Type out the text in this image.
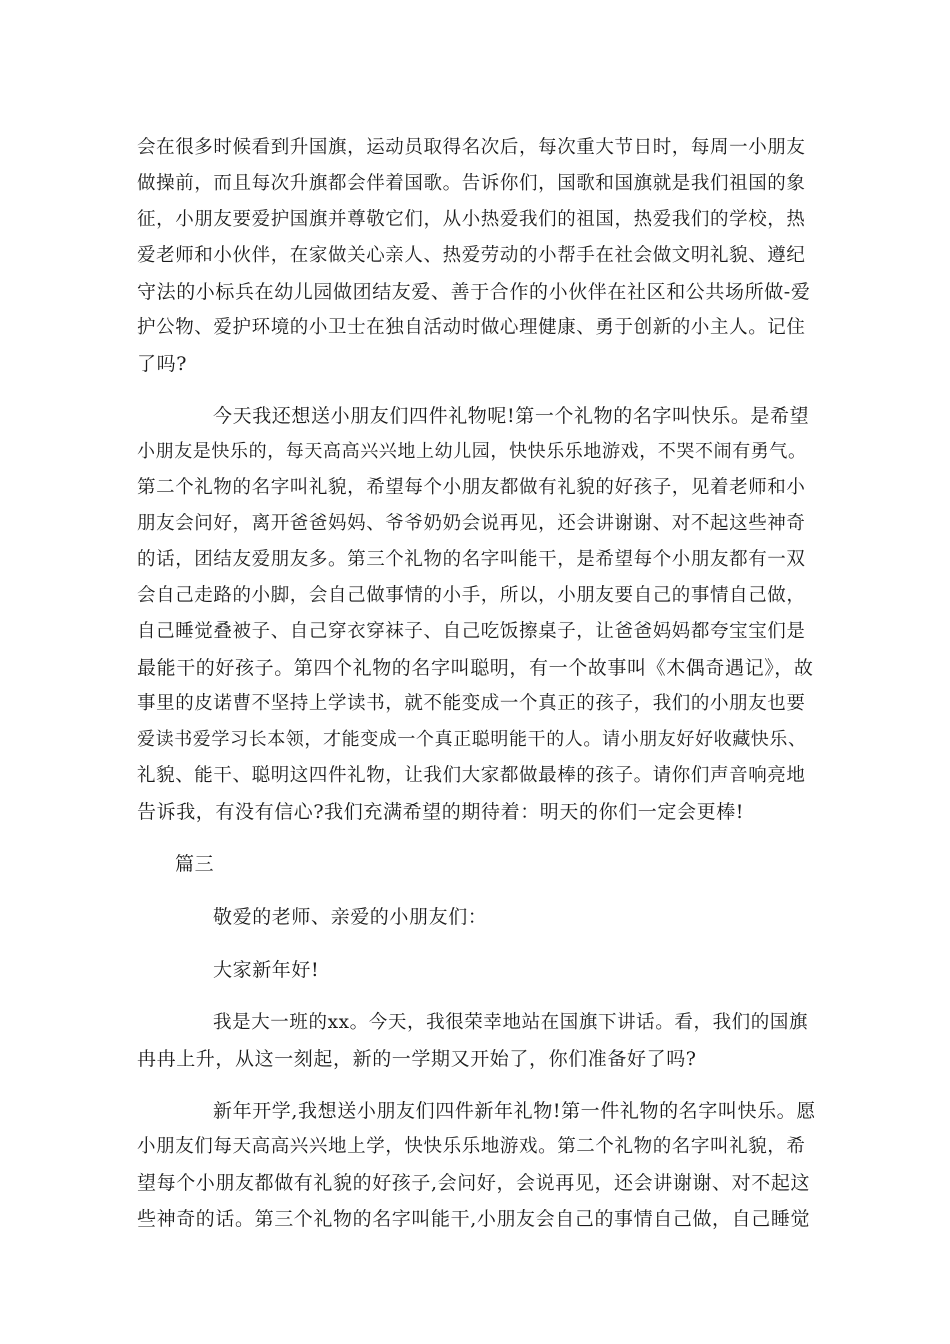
会在很多时候看到升国旗，运动员取得名次后，每次重大节日时，每周一小朋友
做操前，而且每次升旗都会伴着国歌。告诉你们，国歌和国旗就是我们祖国的象
征，小朋友要爱护国旗并尊敬它们，从小热爱我们的祖国，热爱我们的学校，热
爱老师和小伙伴，在家做关心亲人、热爱劳动的小帮手在社会做文明礼貌、遵纪
守法的小标兵在幼儿园做团结友爱、善于合作的小伙伴在社区和公共场所做-爱
护公物、爱护环境的小卫士在独自活动时做心理健康、勇于创新的小主人。记住
了吗?
今天我还想送小朋友们四件礼物呢!第一个礼物的名字叫快乐。是希望
小朋友是快乐的，每天高高兴兴地上幼儿园，快快乐乐地游戏，不哭不闹有勇气。
第二个礼物的名字叫礼貌，希望每个小朋友都做有礼貌的好孩子，见着老师和小
朋友会问好，离开爸爸妈妈、爷爷奶奶会说再见，还会讲谢谢、对不起这些神奇
的话，团结友爱朋友多。第三个礼物的名字叫能干，是希望每个小朋友都有一双
会自己走路的小脚，会自己做事情的小手，所以，小朋友要自己的事情自己做，
自己睡觉叠被子、自己穿衣穿袜子、自己吃饭擦桌子，让爸爸妈妈都夸宝宝们是
最能干的好孩子。第四个礼物的名字叫聪明，有一个故事叫《木偶奇遇记》，故
事里的皮诺曹不坚持上学读书，就不能变成一个真正的孩子，我们的小朋友也要
爱读书爱学习长本领，才能变成一个真正聪明能干的人。请小朋友好好收藏快乐、
礼貌、能干、聪明这四件礼物，让我们大家都做最棒的孩子。请你们声音响亮地
告诉我，有没有信心?我们充满希望的期待着：明天的你们一定会更棒!
篇三
敬爱的老师、亲爱的小朋友们：
大家新年好!
我是大一班的xx。今天，我很荣幸地站在国旗下讲话。看，我们的国旗
冉冉上升，从这一刻起，新的一学期又开始了，你们准备好了吗?
新年开学,我想送小朋友们四件新年礼物!第一件礼物的名字叫快乐。愿
小朋友们每天高高兴兴地上学，快快乐乐地游戏。第二个礼物的名字叫礼貌，希
望每个小朋友都做有礼貌的好孩子,会问好，会说再见，还会讲谢谢、对不起这
些神奇的话。第三个礼物的名字叫能干,小朋友会自己的事情自己做，自己睡觉
